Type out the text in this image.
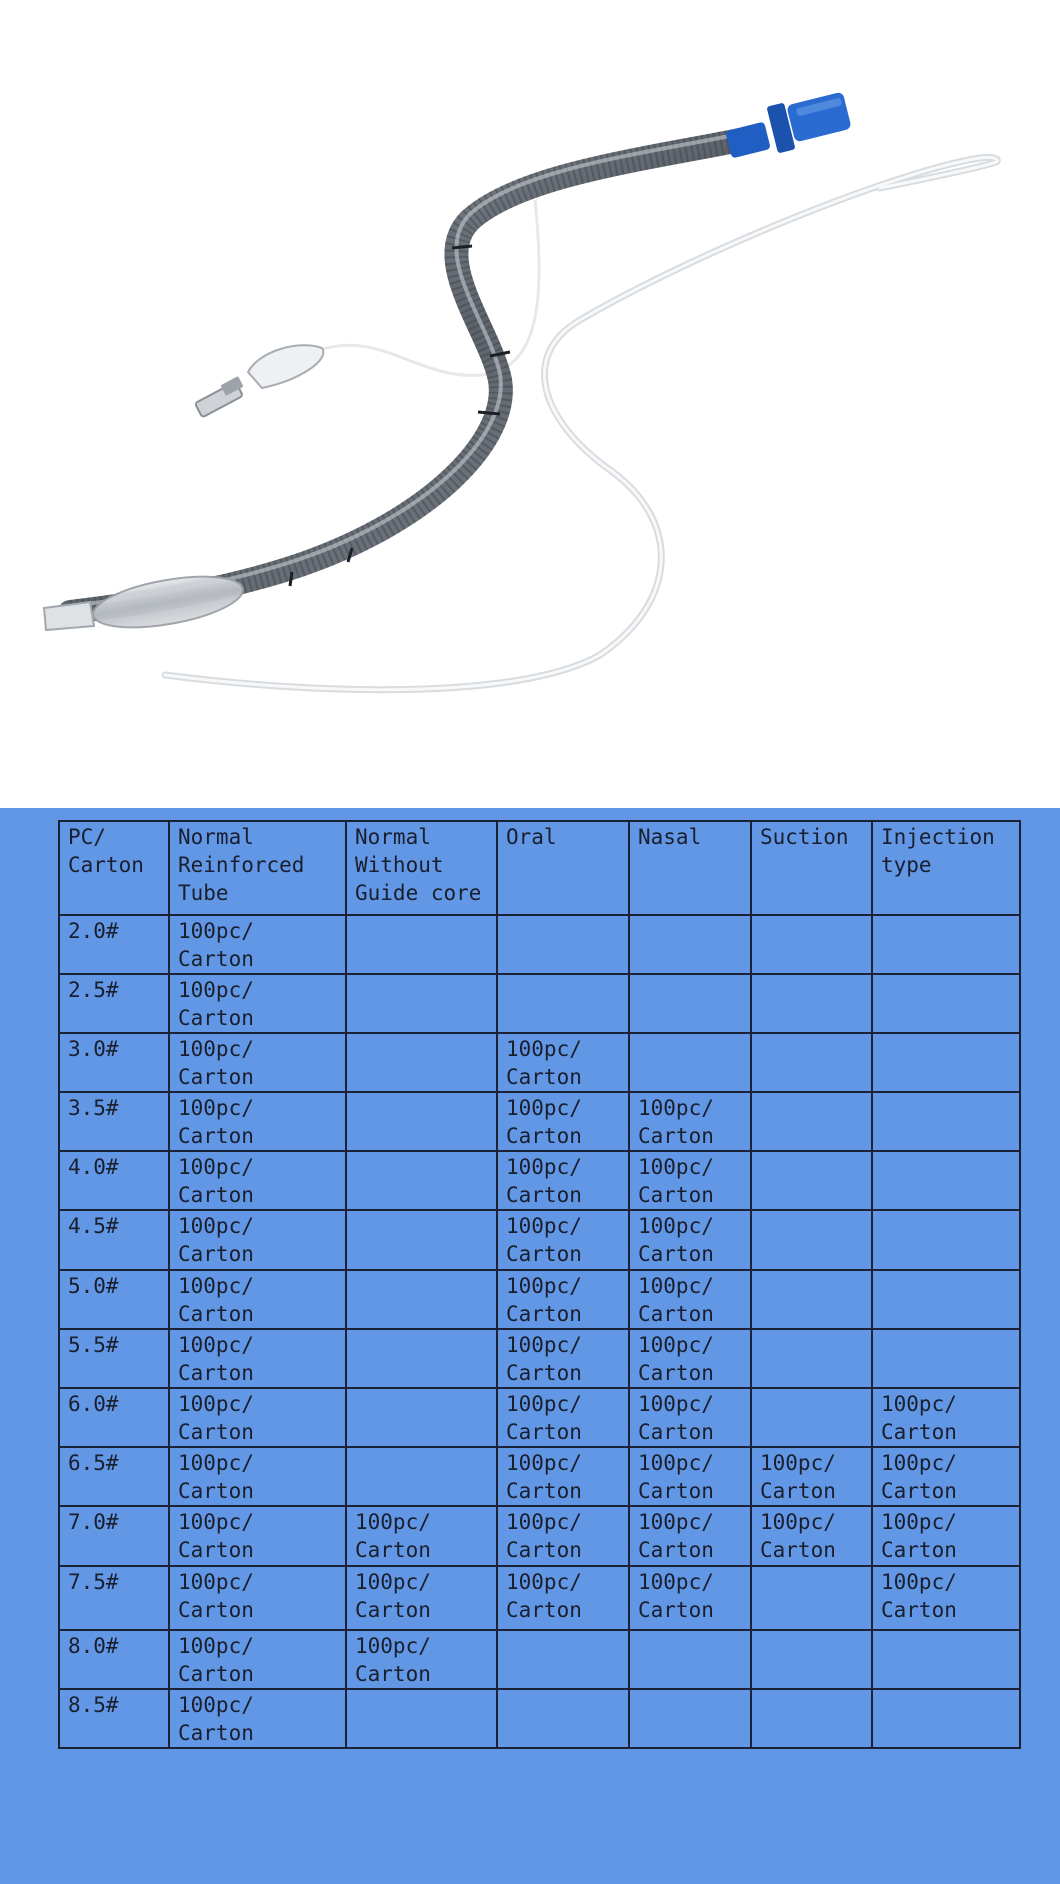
PC/
Carton	Normal
Reinforced
Tube	Normal
Without
Guide core	Oral	Nasal	Suction	Injection
type

2.0#	100pc/
Carton					

2.5#	100pc/
Carton					

3.0#	100pc/
Carton		100pc/
Carton			

3.5#	100pc/
Carton		100pc/
Carton	100pc/
Carton		

4.0#	100pc/
Carton		100pc/
Carton	100pc/
Carton		

4.5#	100pc/
Carton		100pc/
Carton	100pc/
Carton		

5.0#	100pc/
Carton		100pc/
Carton	100pc/
Carton		

5.5#	100pc/
Carton		100pc/
Carton	100pc/
Carton		

6.0#	100pc/
Carton		100pc/
Carton	100pc/
Carton		100pc/
Carton

6.5#	100pc/
Carton		100pc/
Carton	100pc/
Carton	100pc/
Carton	100pc/
Carton

7.0#	100pc/
Carton	100pc/
Carton	100pc/
Carton	100pc/
Carton	100pc/
Carton	100pc/
Carton

7.5#	100pc/
Carton	100pc/
Carton	100pc/
Carton	100pc/
Carton		100pc/
Carton

8.0#	100pc/
Carton	100pc/
Carton				

8.5#	100pc/
Carton					
